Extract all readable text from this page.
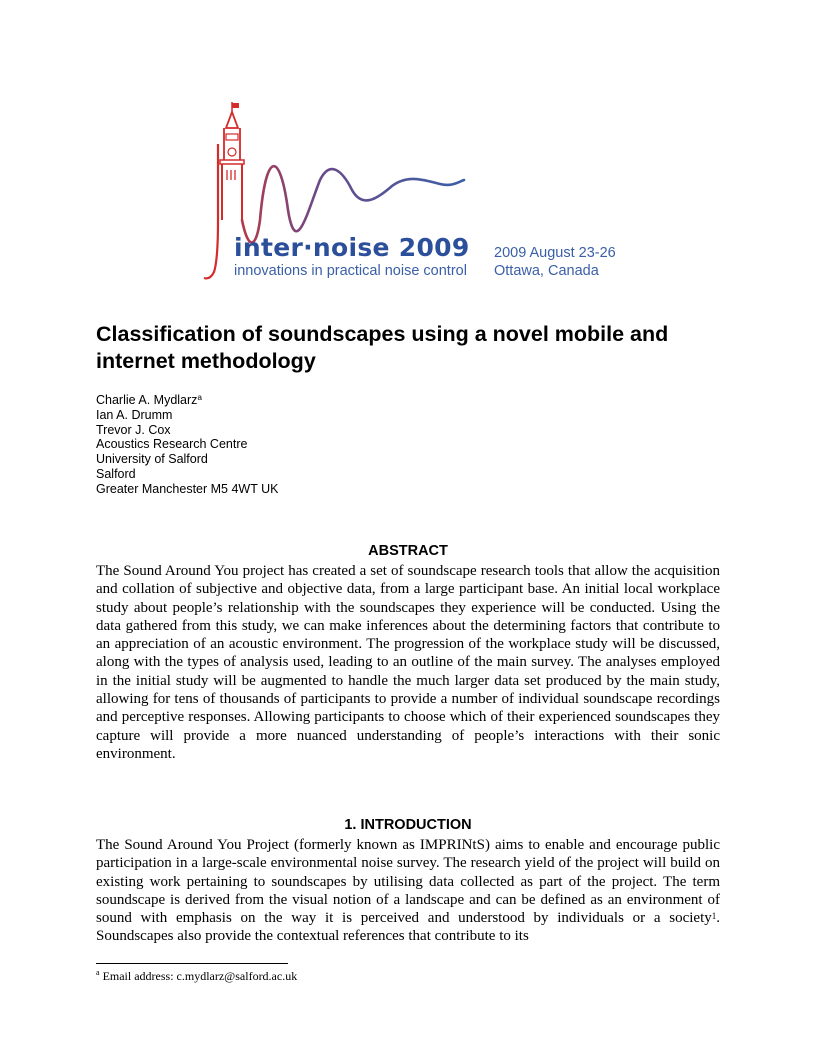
inter·noise 2009
innovations in practical noise control
2009 August 23-26
Ottawa, Canada
Classification of soundscapes using a novel mobile and internet methodology
Charlie A. Mydlarz$^a$
Ian A. Drumm
Trevor J. Cox
Acoustics Research Centre
University of Salford
Salford
Greater Manchester M5 4WT UK
ABSTRACT
The Sound Around You project has created a set of soundscape research tools that allow the acquisition and collation of subjective and objective data, from a large participant base. An initial local workplace study about people’s relationship with the soundscapes they experience will be conducted. Using the data gathered from this study, we can make inferences about the determining factors that contribute to an appreciation of an acoustic environment. The progression of the workplace study will be discussed, along with the types of analysis used, leading to an outline of the main survey. The analyses employed in the initial study will be augmented to handle the much larger data set produced by the main study, allowing for tens of thousands of participants to provide a number of individual soundscape recordings and perceptive responses. Allowing participants to choose which of their experienced soundscapes they capture will provide a more nuanced understanding of people’s interactions with their sonic environment.
1. INTRODUCTION
The Sound Around You Project (formerly known as IMPRINtS) aims to enable and encourage public participation in a large-scale environmental noise survey. The research yield of the project will build on existing work pertaining to soundscapes by utilising data collected as part of the project. The term soundscape is derived from the visual notion of a landscape and can be defined as an environment of sound with emphasis on the way it is perceived and understood by individuals or a society$^1$. Soundscapes also provide the contextual references that contribute to its
$^a$ Email address: c.mydlarz@salford.ac.uk
